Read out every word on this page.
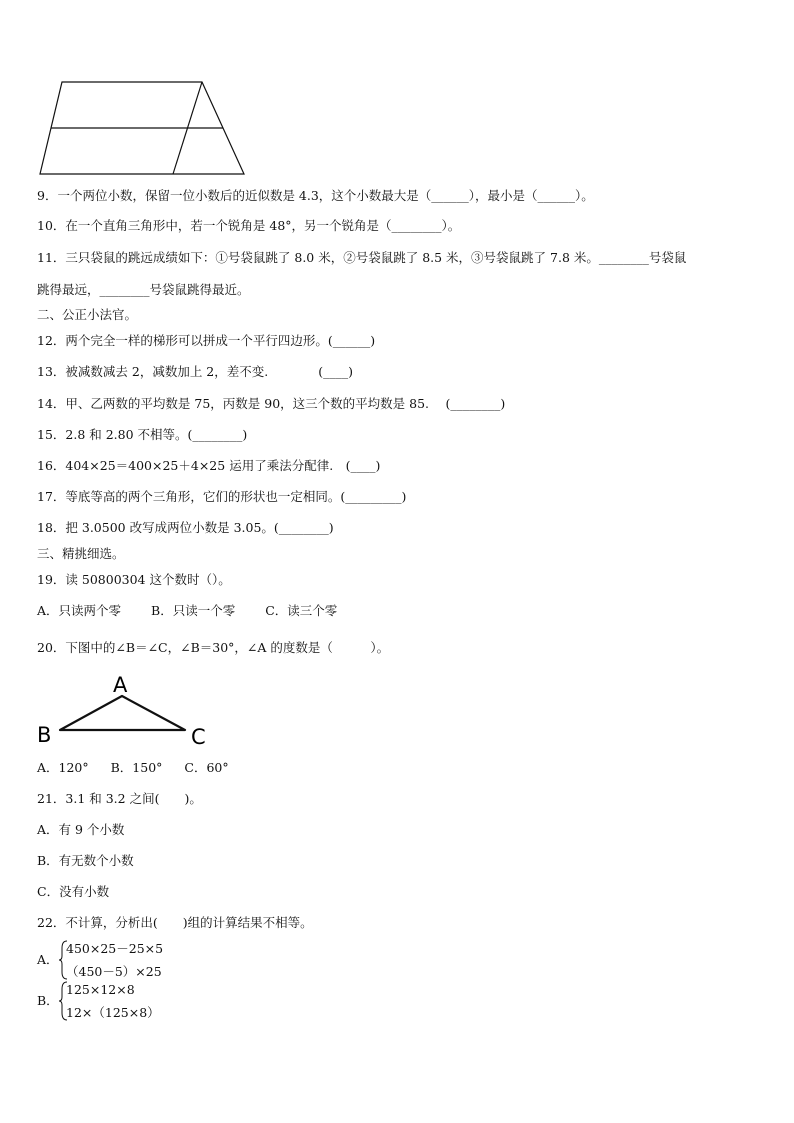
9．一个两位小数，保留一位小数后的近似数是 4.3，这个小数最大是（______），最小是（______）。
10．在一个直角三角形中，若一个锐角是 48°，另一个锐角是（________）。
11．三只袋鼠的跳远成绩如下：①号袋鼠跳了 8.0 米，②号袋鼠跳了 8.5 米，③号袋鼠跳了 7.8 米。________号袋鼠
跳得最远，________号袋鼠跳得最近。
二、公正小法官。
12．两个完全一样的梯形可以拼成一个平行四边形。(______)
13．被减数减去 2，减数加上 2，差不变.　　　　(____)
14．甲、乙两数的平均数是 75，丙数是 90，这三个数的平均数是 85.　 (________)
15．2.8 和 2.80 不相等。(________)
16．404×25＝400×25＋4×25 运用了乘法分配律.　(____)
17．等底等高的两个三角形，它们的形状也一定相同。(_________)
18．把 3.0500 改写成两位小数是 3.05。(________)
三、精挑细选。
19．读 50800304 这个数时（）。
A．只读两个零 B．只读一个零 C．读三个零
20．下图中的∠B＝∠C，∠B＝30°，∠A 的度数是（　　　）。
A
B	C
A．120° B．150° C．60°
21．3.1 和 3.2 之间(　　)。
A．有 9 个小数
B．有无数个小数
C．没有小数
22．不计算，分析出(　　)组的计算结果不相等。
A．
450×25－25×5
（450－5）×25
B．
125×12×8
12×（125×8）
